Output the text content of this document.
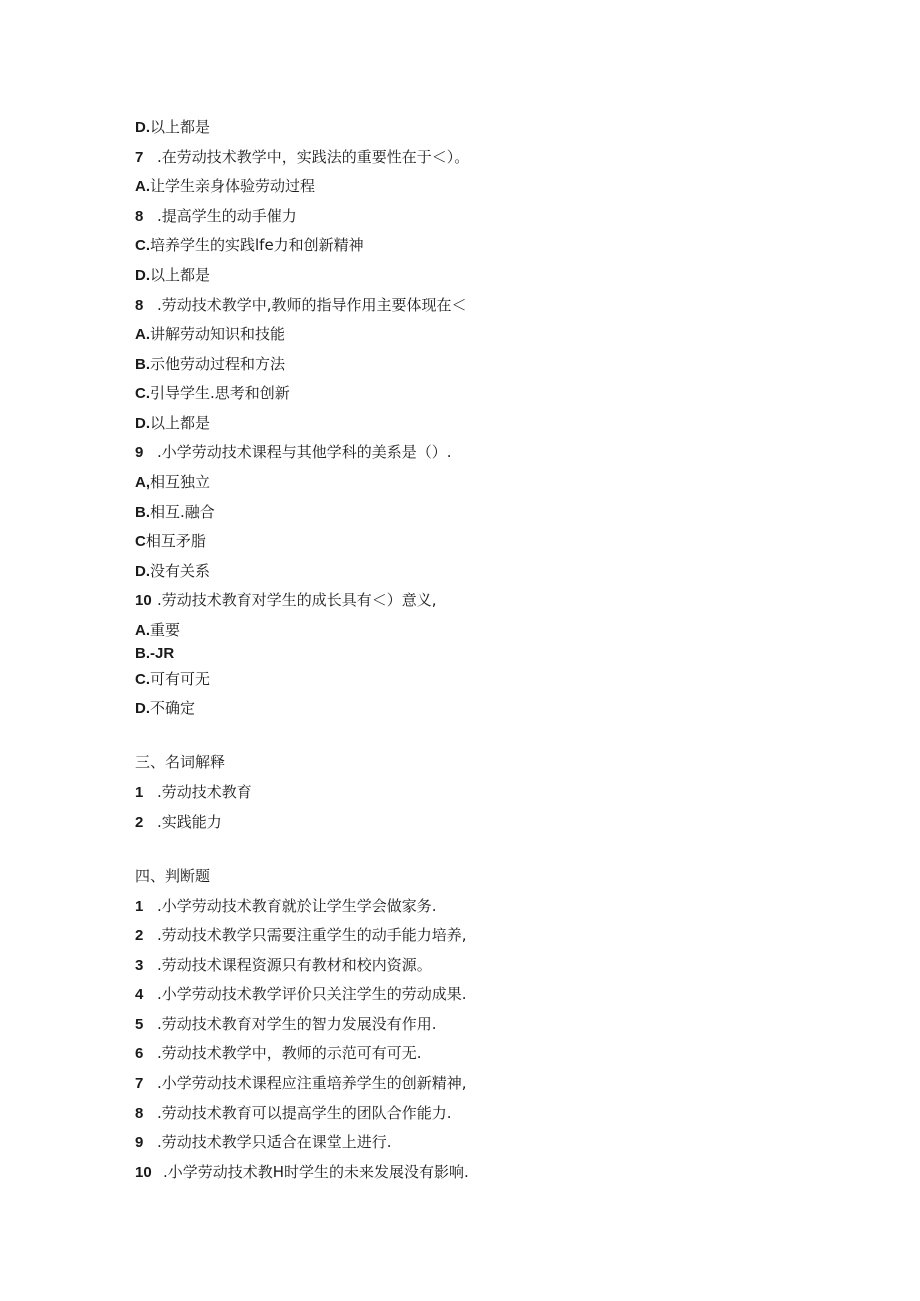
D.以上都是
7 .在劳动技术教学中，实践法的重要性在于＜）。
A.让学生亲身体验劳动过程
8 .提高学生的动手催力
C.培养学生的实践lfe力和创新精神
D.以上都是
8 .劳动技术教学中,教师的指导作用主要体现在＜
A.讲解劳动知识和技能
B.示他劳动过程和方法
C.引导学生.思考和创新
D.以上都是
9 .小学劳动技术课程与其他学科的美系是（）.
A,相互独立
B.相互.融合
C相互矛脂
D.没有关系
10 .劳动技术教育对学生的成长具有＜）意义,
A.重要
B.-JR
C.可有可无
D.不确定
三、名词解释
1 .劳动技术教育
2 .实践能力
四、判断题
1 .小学劳动技术教育就於让学生学会做家务.
2 .劳动技术教学只需要注重学生的动手能力培养,
3 .劳动技术课程资源只有教材和校内资源。
4 .小学劳动技术教学评价只关注学生的劳动成果.
5 .劳动技术教育对学生的智力发展没有作用.
6 .劳动技术教学中，教师的示范可有可无.
7 .小学劳动技术课程应注重培养学生的创新精神,
8 .劳动技术教育可以提高学生的团队合作能力.
9 .劳动技术教学只适合在课堂上进行.
10 .小学劳动技术教H时学生的未来发展没有影响.
